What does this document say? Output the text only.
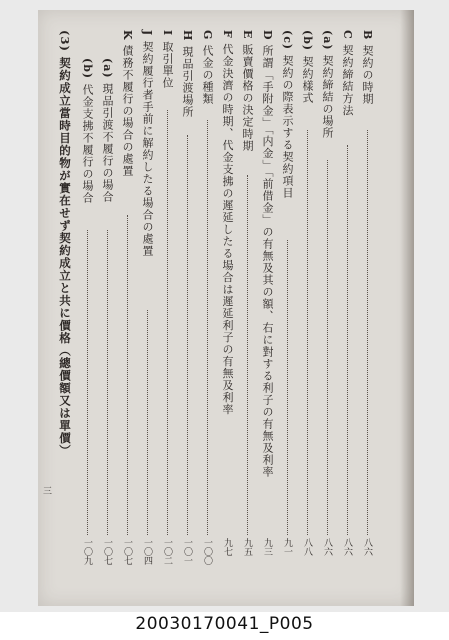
B 契約の時期
八六
C 契約締結方法
八六
(a) 契約締結の場所
八六
(b) 契約樣式
八八
(c) 契約の際表示する契約項目
九一
D 所謂「手附金」「内金」「前借金」の有無及其の額、右に對する利子の有無及利率
九三
E 販賣價格の決定時期
九五
F 代金決濟の時期、代金支拂の遲延したる場合は遲延利子の有無及利率
九七
G 代金の種類
一〇〇
H 現品引渡場所
一〇一
I 取引單位
一〇二
J 契約履行者手前に解約したる場合の處置
一〇四
K 債務不履行の場合の處置
一〇七
(a) 現品引渡不履行の場合
一〇七
(b) 代金支拂不履行の場合
一〇九
(3) 契約成立當時目的物が實在せず契約成立と共に價格（總價額又は單價）
三
20030170041_P005
